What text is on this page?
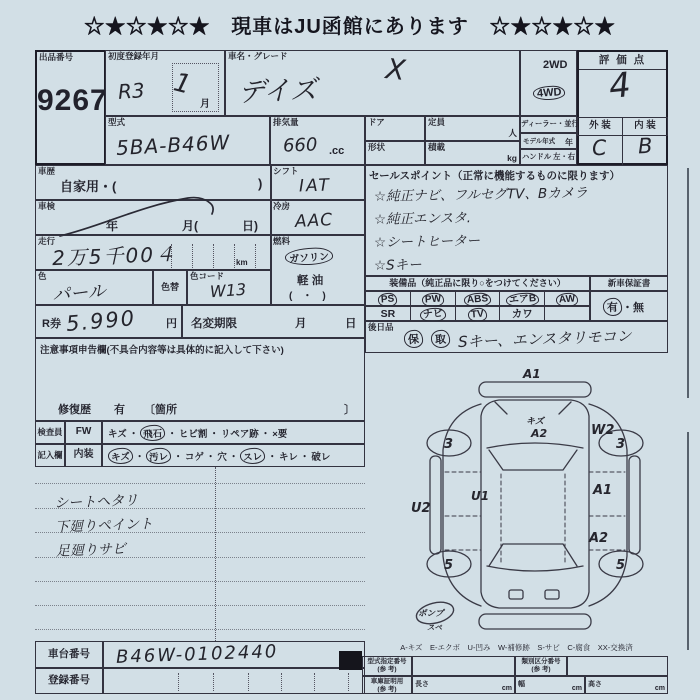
☆★☆★☆★　現車はJU函館にあります　☆★☆★☆★
出品番号
9267
初度登録年月
R3 1
月
車名・グレード
デイズ
X	2WD
4WD
評 価 点
4
外 装	内 装
C B
型式
5BA-B46W
排気量
660 .cc
ドア	定員
人
形状	積載
kg
ディーラー・並行
モデル年式 年
ハンドル 左・右
車歴
自家用・(	)
車検
年	月(	日)
走行
2万5千00４	km
色
パール	色替
色コード
W13
シフト
IAT
冷房
AAC
燃料
ガソリン
軽 油
(　・　)
R券 5.990	円 名変期限	月	日
注意事項申告欄(不具合内容等は具体的に記入して下さい)
修復歴 有 〔箇所	〕
検査員	FW	キズ ・ 飛石 ・ ヒビ割 ・ リペア跡 ・ ×要
記入欄	内装	キズ ・ 汚レ ・ コゲ ・ 穴 ・ スレ ・ キレ ・ 破レ
シートヘタリ
下廻りペイント
足廻りサビ
セールスポイント（正常に機能するものに限ります）
☆純正ナビ、フルセグTV、Bカメラ
☆純正エンスタ.
☆シートヒーター
☆Sキー
装備品（純正品に限り○をつけてください）	新車保証書
PS	PW	ABS	エアB	AW
SR	ナビ	TV	カワ	有 ・無
後日品
保	取 Sキー、エンスタリモコン
A1
キズ
A2	W2
3	3
5	5
U2
U1	A1
A2
ポンプ
スペ
A-キズ　E-エクボ　U-凹み　W-補修跡　S-サビ　C-腐食　XX-交換済
車台番号	B46W-0102440
登録番号
型式指定番号
(参 考)
類別区分番号
(参 考)
車庫証明用
(参 考)
長さ
cm
幅
cm
高さ
cm
